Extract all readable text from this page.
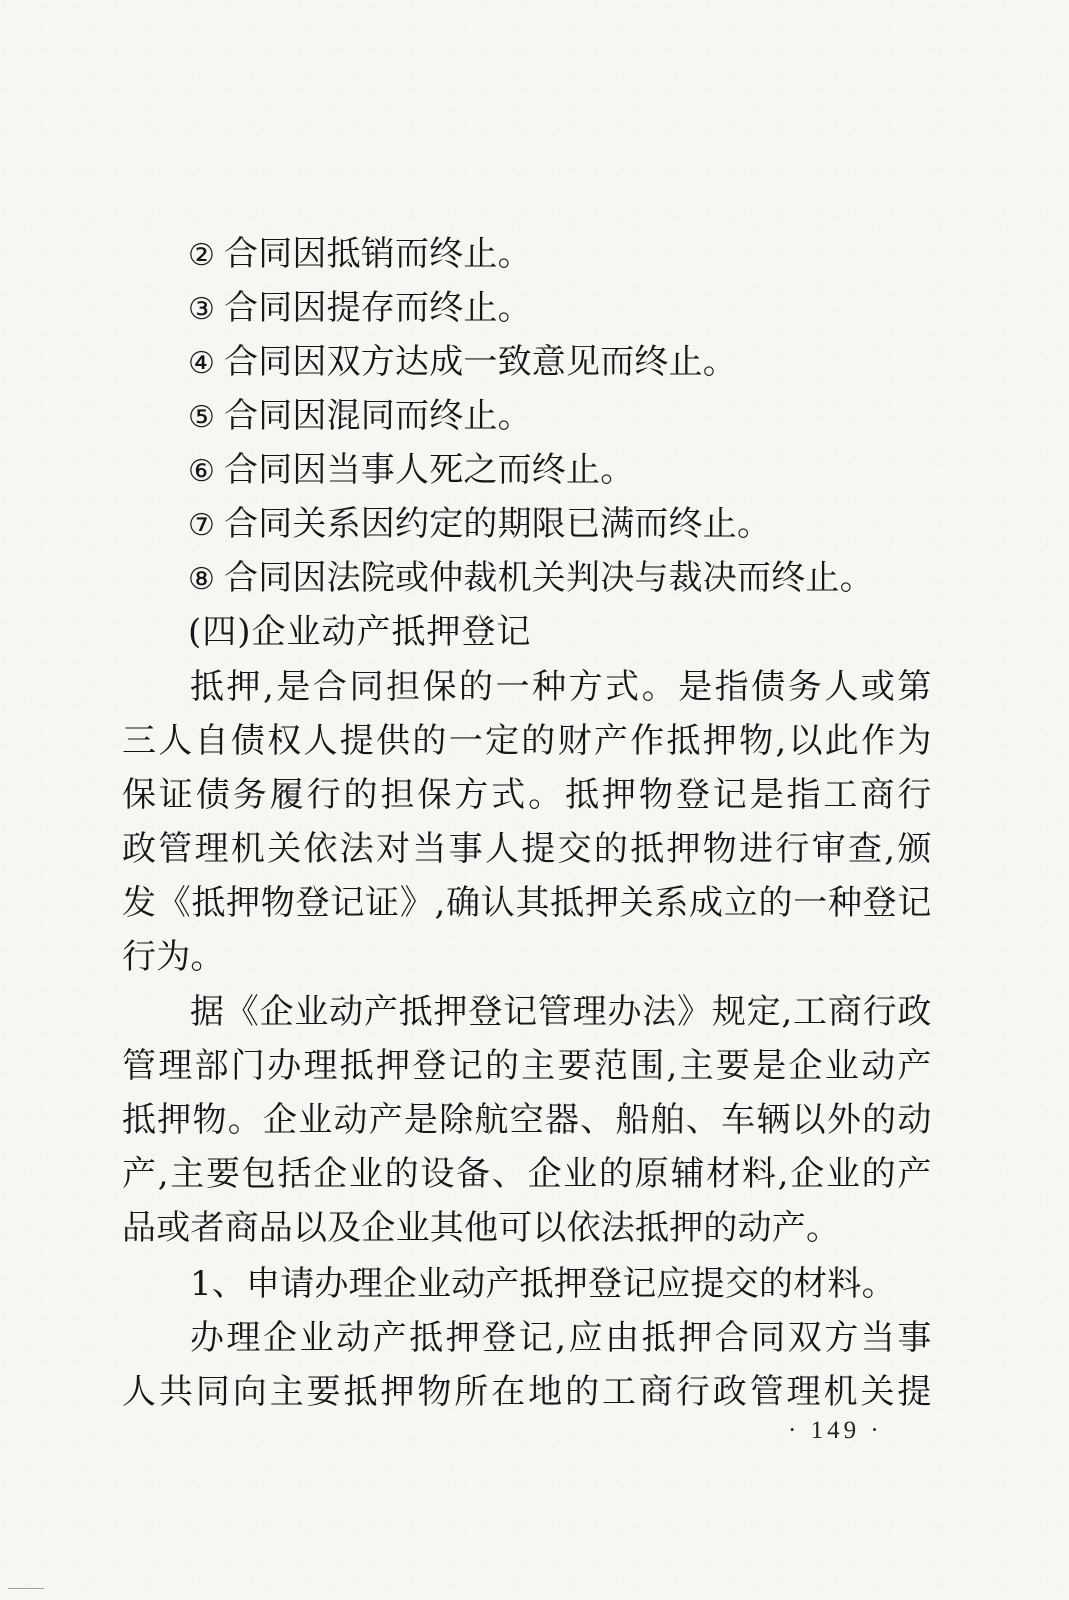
② 合同因抵销而终止。
③ 合同因提存而终止。
④ 合同因双方达成一致意见而终止。
⑤ 合同因混同而终止。
⑥ 合同因当事人死之而终止。
⑦ 合同关系因约定的期限已满而终止。
⑧ 合同因法院或仲裁机关判决与裁决而终止。
(四)企业动产抵押登记
抵押,是合同担保的一种方式。是指债务人或第
三人自债权人提供的一定的财产作抵押物,以此作为
保证债务履行的担保方式。抵押物登记是指工商行
政管理机关依法对当事人提交的抵押物进行审查,颁
发《抵押物登记证》,确认其抵押关系成立的一种登记
行为。
据《企业动产抵押登记管理办法》规定,工商行政
管理部门办理抵押登记的主要范围,主要是企业动产
抵押物。企业动产是除航空器、船舶、车辆以外的动
产,主要包括企业的设备、企业的原辅材料,企业的产
品或者商品以及企业其他可以依法抵押的动产。
1、申请办理企业动产抵押登记应提交的材料。
办理企业动产抵押登记,应由抵押合同双方当事
人共同向主要抵押物所在地的工商行政管理机关提
· 149 ·
